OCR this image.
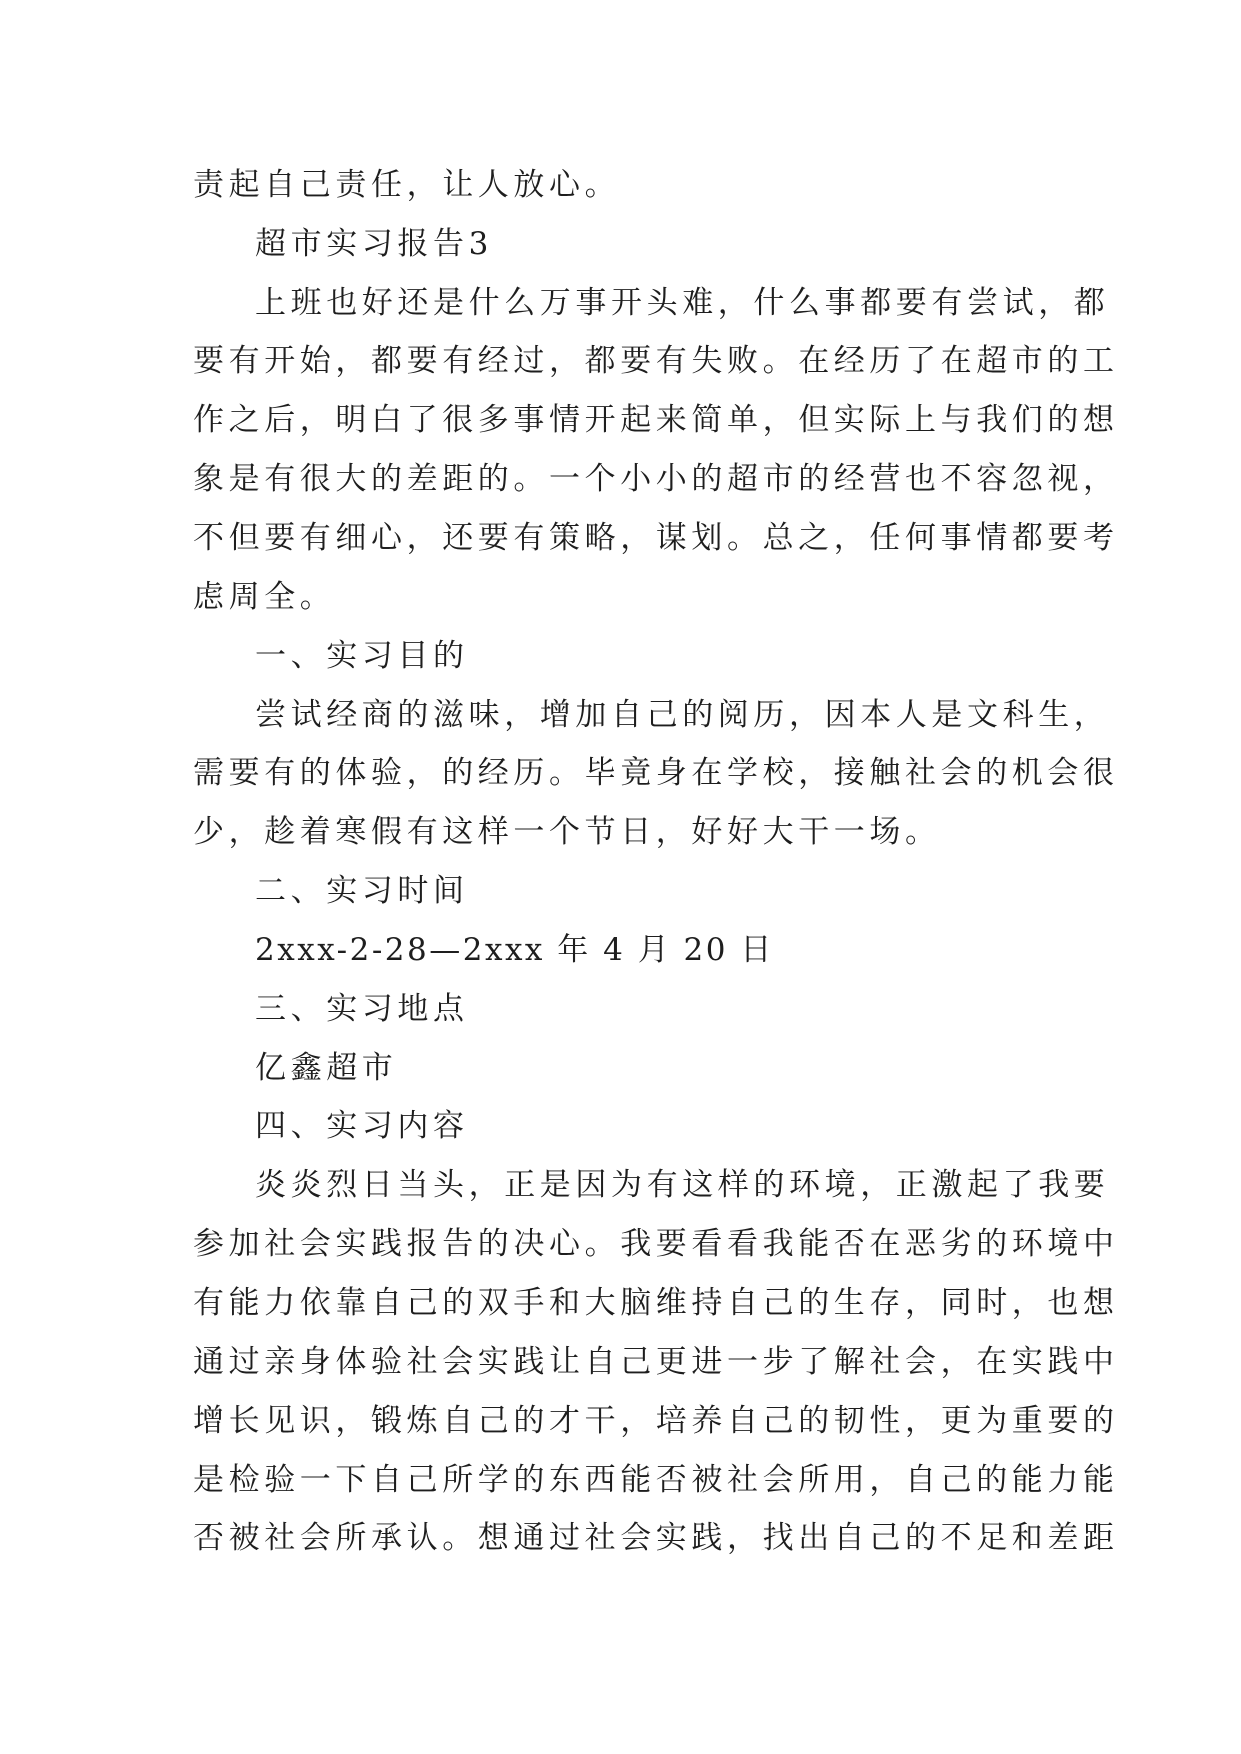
责起自己责任，让人放心。

超市实习报告3

上班也好还是什么万事开头难，什么事都要有尝试，都

要有开始，都要有经过，都要有失败。在经历了在超市的工

作之后，明白了很多事情开起来简单，但实际上与我们的想

象是有很大的差距的。一个小小的超市的经营也不容忽视，

不但要有细心，还要有策略，谋划。总之，任何事情都要考

虑周全。

一、实习目的

尝试经商的滋味，增加自己的阅历，因本人是文科生，

需要有的体验，的经历。毕竟身在学校，接触社会的机会很

少，趁着寒假有这样一个节日，好好大干一场。

二、实习时间

2xxx-2-28—2xxx 年 4 月 20 日

三、实习地点

亿鑫超市

四、实习内容

炎炎烈日当头，正是因为有这样的环境，正激起了我要

参加社会实践报告的决心。我要看看我能否在恶劣的环境中

有能力依靠自己的双手和大脑维持自己的生存，同时，也想

通过亲身体验社会实践让自己更进一步了解社会，在实践中

增长见识，锻炼自己的才干，培养自己的韧性，更为重要的

是检验一下自己所学的东西能否被社会所用，自己的能力能

否被社会所承认。想通过社会实践，找出自己的不足和差距
